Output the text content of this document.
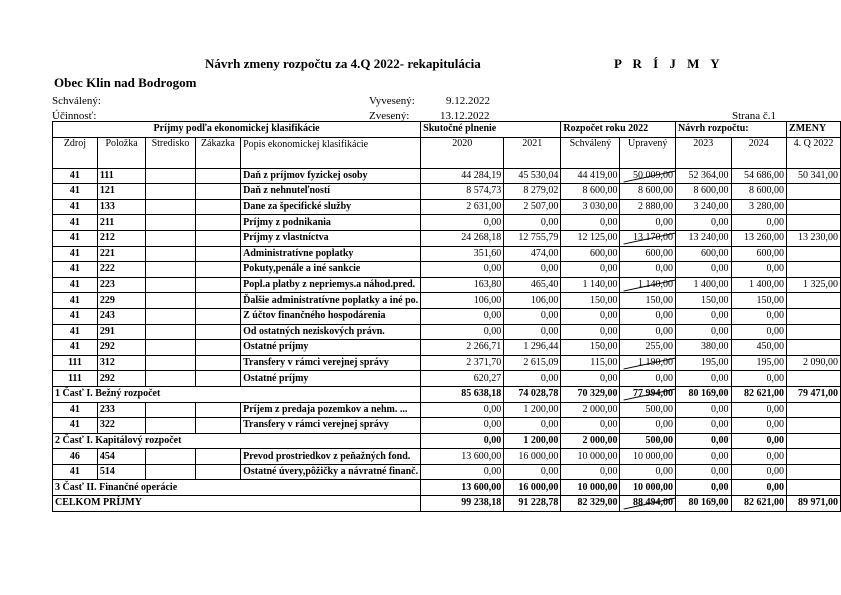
Návrh zmeny rozpočtu za 4.Q 2022- rekapitulácia	P R Í J M Y
Obec Klin nad Bodrogom
Schválený:
Účinnosť:
Vyvesený:	9.12.2022
Zvesený:	13.12.2022	Strana č.1
Príjmy podľa ekonomickej klasifikácie					Skutočné plnenie		Rozpočet roku 2022		Návrh rozpočtu:		ZMENY
Zdroj	Položka	Stredisko	Zákazka	Popis ekonomickej klasifikácie	2020	2021	Schválený	Upravený	2023	2024	4. Q 2022
41	111			Daň z príjmov fyzickej osoby	44 284,19	45 530,04	44 419,00	50 009,00	52 364,00	54 686,00	50 341,00
41	121			Daň z nehnuteľností	8 574,73	8 279,02	8 600,00	8 600,00	8 600,00	8 600,00	
41	133			Dane za špecifické služby	2 631,00	2 507,00	3 030,00	2 880,00	3 240,00	3 280,00	
41	211			Príjmy z podnikania	0,00	0,00	0,00	0,00	0,00	0,00	
41	212			Príjmy z vlastníctva	24 268,18	12 755,79	12 125,00	13 170,00	13 240,00	13 260,00	13 230,00
41	221			Administratívne poplatky	351,60	474,00	600,00	600,00	600,00	600,00	
41	222			Pokuty,penále a iné sankcie	0,00	0,00	0,00	0,00	0,00	0,00	
41	223			Popl.a platby z nepriemys.a náhod.pred.	163,80	465,40	1 140,00	1 140,00	1 400,00	1 400,00	1 325,00
41	229			Ďalšie administratívne poplatky a iné po.	106,00	106,00	150,00	150,00	150,00	150,00	
41	243			Z účtov finančného hospodárenia	0,00	0,00	0,00	0,00	0,00	0,00	
41	291			Od ostatných neziskových právn.	0,00	0,00	0,00	0,00	0,00	0,00	
41	292			Ostatné príjmy	2 266,71	1 296,44	150,00	255,00	380,00	450,00	
111	312			Transfery v rámci verejnej správy	2 371,70	2 615,09	115,00	1 190,00	195,00	195,00	2 090,00
111	292			Ostatné príjmy	620,27	0,00	0,00	0,00	0,00	0,00	
1 Časť I. Bežný rozpočet					85 638,18	74 028,78	70 329,00	77 994,00	80 169,00	82 621,00	79 471,00
41	233			Príjem z predaja pozemkov a nehm. ...	0,00	1 200,00	2 000,00	500,00	0,00	0,00	
41	322			Transfery v rámci verejnej správy	0,00	0,00	0,00	0,00	0,00	0,00	
2 Časť I. Kapitálový rozpočet					0,00	1 200,00	2 000,00	500,00	0,00	0,00	
46	454			Prevod prostriedkov z peňažných fond.	13 600,00	16 000,00	10 000,00	10 000,00	0,00	0,00	
41	514			Ostatné úvery,pôžičky a návratné finanč.	0,00	0,00	0,00	0,00	0,00	0,00	
3 Časť II. Finančné operácie					13 600,00	16 000,00	10 000,00	10 000,00	0,00	0,00	
CELKOM PRÍJMY					99 238,18	91 228,78	82 329,00	88 494,00	80 169,00	82 621,00	89 971,00
